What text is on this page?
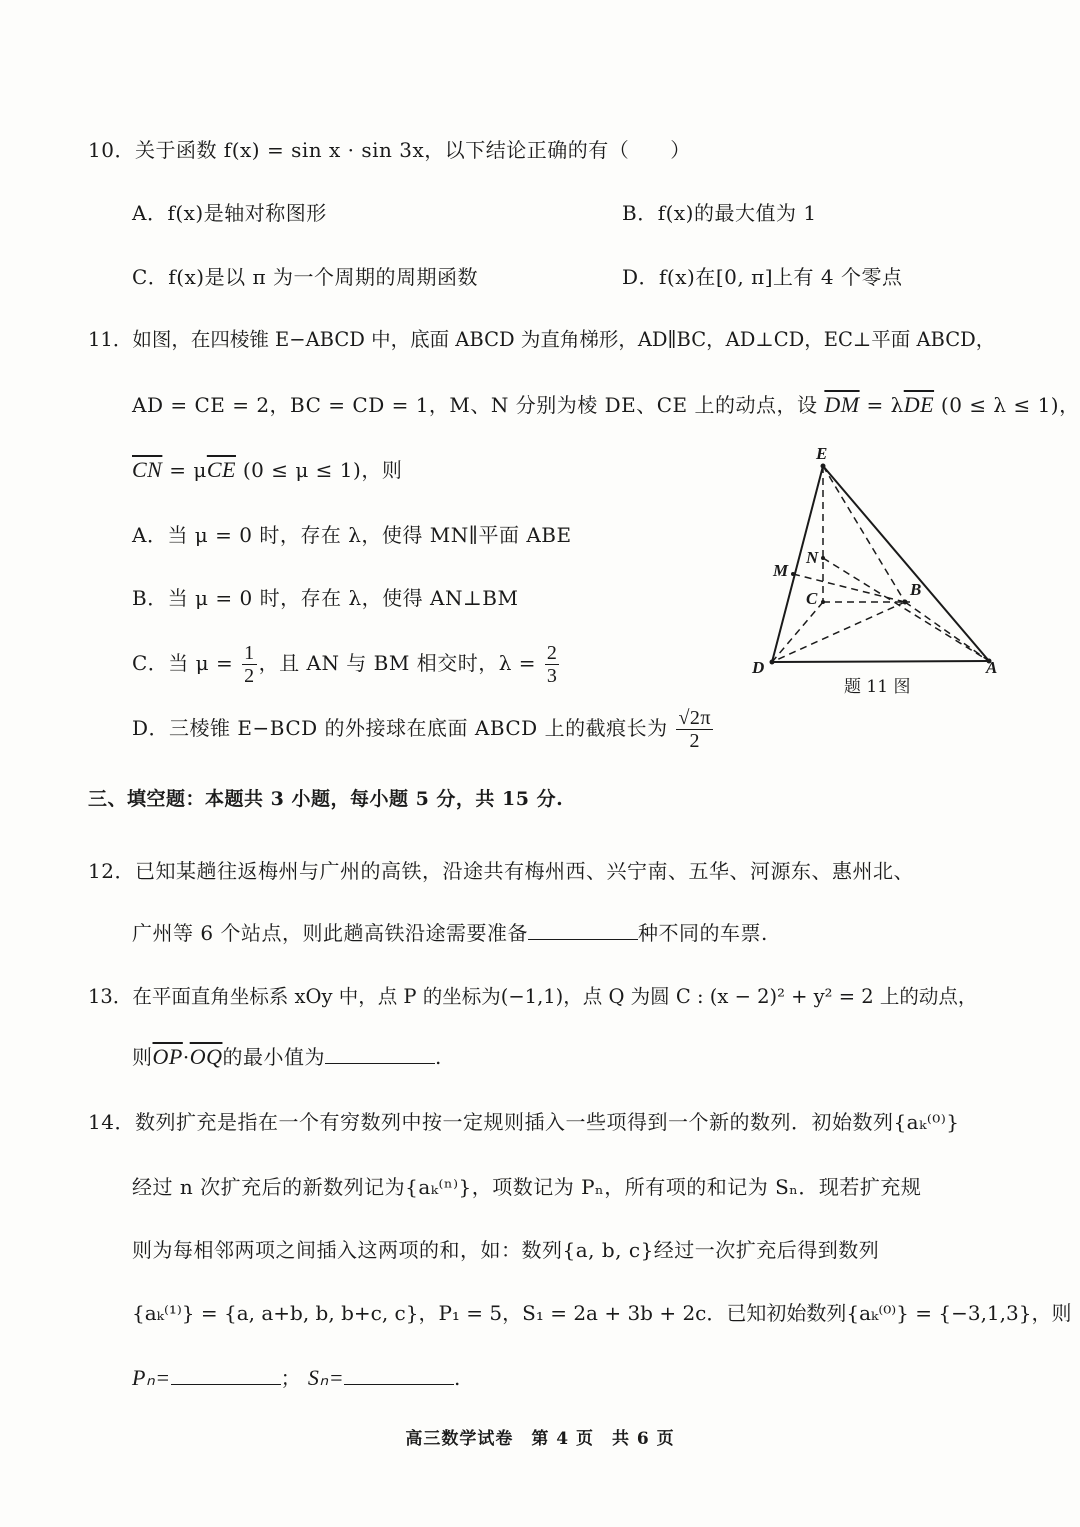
10．关于函数 f(x) = sin x · sin 3x，以下结论正确的有（　　）
A．f(x)是轴对称图形	B．f(x)的最大值为 1
C．f(x)是以 π 为一个周期的周期函数	D．f(x)在[0, π]上有 4 个零点
11．如图，在四棱锥 E−ABCD 中，底面 ABCD 为直角梯形，AD∥BC，AD⊥CD，EC⊥平面 ABCD，
AD = CE = 2，BC = CD = 1，M、N 分别为棱 DE、CE 上的动点，设 $\overline{DM} = \lambda\overline{DE}$ (0 ≤ λ ≤ 1)，
$\overline{CN} = \mu\overline{CE}$ (0 ≤ μ ≤ 1)，则
A．当 μ = 0 时，存在 λ，使得 MN∥平面 ABE
B．当 μ = 0 时，存在 λ，使得 AN⊥BM
C．当 $\mu = \frac{1}{2}$ ，且 AN 与 BM 相交时，$\lambda = \frac{2}{3}$
D．三棱锥 E−BCD 的外接球在底面 ABCD 上的截痕长为 $\frac{√2\pi}{2}$
E
M
N
C	B
D	A
题 11 图
三、填空题：本题共 3 小题，每小题 5 分，共 15 分.
12．已知某趟往返梅州与广州的高铁，沿途共有梅州西、兴宁南、五华、河源东、惠州北、
广州等 6 个站点，则此趟高铁沿途需要准备	种不同的车票.
13．在平面直角坐标系 xOy 中，点 P 的坐标为(−1,1)，点 Q 为圆 C : (x − 2)² + y² = 2 上的动点，
则$\overline{OP}\cdot\overline{OQ}$的最小值为	.
14．数列扩充是指在一个有穷数列中按一定规则插入一些项得到一个新的数列．初始数列{aₖ⁽⁰⁾}
经过 n 次扩充后的新数列记为{aₖ⁽ⁿ⁾}，项数记为 Pₙ，所有项的和记为 Sₙ．现若扩充规
则为每相邻两项之间插入这两项的和，如：数列{a, b, c}经过一次扩充后得到数列
{aₖ⁽¹⁾} = {a, a+b, b, b+c, c}，P₁ = 5，S₁ = 2a + 3b + 2c．已知初始数列{aₖ⁽⁰⁾} = {−3,1,3}，则
Pₙ=	； Sₙ=	.
高三数学试卷　第 4 页　共 6 页
